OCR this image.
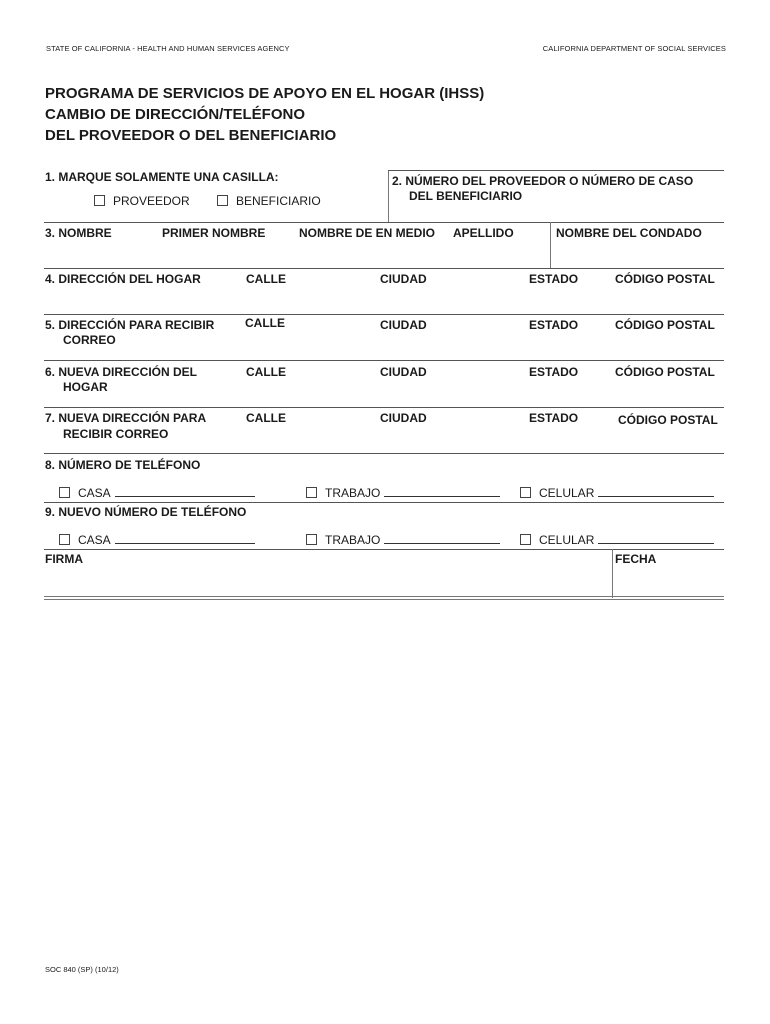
STATE OF CALIFORNIA - HEALTH AND HUMAN SERVICES AGENCY	CALIFORNIA DEPARTMENT OF SOCIAL SERVICES
PROGRAMA DE SERVICIOS DE APOYO EN EL HOGAR (IHSS)
CAMBIO DE DIRECCIÓN/TELÉFONO
DEL PROVEEDOR O DEL BENEFICIARIO
1. MARQUE SOLAMENTE UNA CASILLA:
PROVEEDOR	BENEFICIARIO
2. NÚMERO DEL PROVEEDOR O NÚMERO DE CASO
DEL BENEFICIARIO
3. NOMBRE	PRIMER NOMBRE	NOMBRE DE EN MEDIO APELLIDO	NOMBRE DEL CONDADO
4. DIRECCIÓN DEL HOGAR	CALLE	CIUDAD	ESTADO	CÓDIGO POSTAL
5. DIRECCIÓN PARA RECIBIR
CORREO
CALLE	CIUDAD	ESTADO	CÓDIGO POSTAL
6. NUEVA DIRECCIÓN DEL
HOGAR
CALLE	CIUDAD	ESTADO	CÓDIGO POSTAL
7. NUEVA DIRECCIÓN PARA
RECIBIR CORREO
CALLE	CIUDAD	ESTADO	CÓDIGO POSTAL
8. NÚMERO DE TELÉFONO
CASA	TRABAJO	CELULAR
9. NUEVO NÚMERO DE TELÉFONO
CASA	TRABAJO	CELULAR
FIRMA	FECHA
SOC 840 (SP) (10/12)
